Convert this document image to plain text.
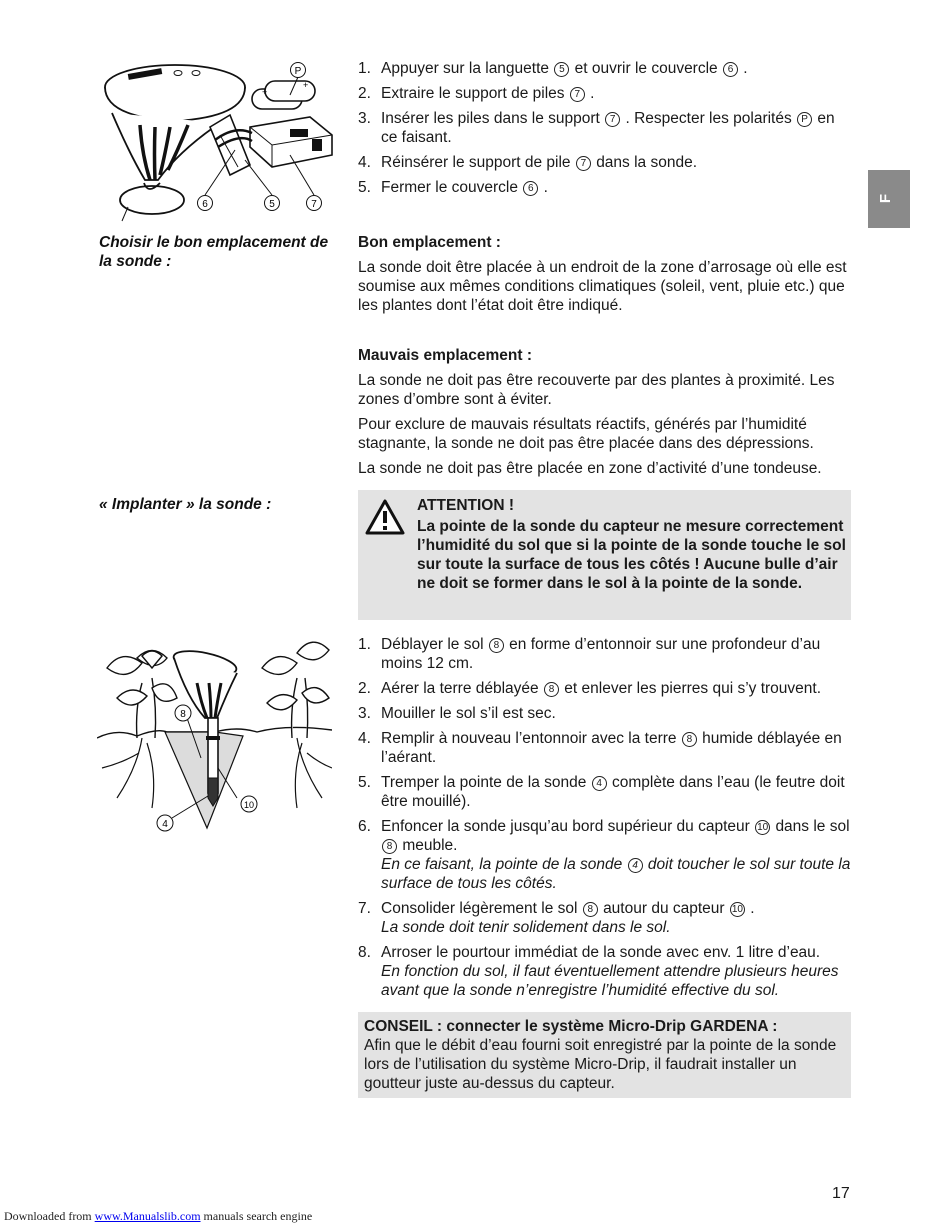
F
+
+
P
6	5	7
1. Appuyer sur la languette 5 et ouvrir le couvercle 6 .
2. Extraire le support de piles 7 .
3. Insérer les piles dans le support 7 . Respecter les polarités P en ce faisant.
4. Réinsérer le support de pile 7 dans la sonde.
5. Fermer le couvercle 6 .
Choisir le bon emplacement de la sonde :
Bon emplacement :

La sonde doit être placée à un endroit de la zone d’arrosage où elle est soumise aux mêmes conditions climatiques (soleil, vent, pluie etc.) que les plantes dont l’état doit être indiqué.

Mauvais emplacement :

La sonde ne doit pas être recouverte par des plantes à proximité. Les zones d’ombre sont à éviter.

Pour exclure de mauvais résultats réactifs, générés par l’humidité stagnante, la sonde ne doit pas être placée dans des dépressions.

La sonde ne doit pas être placée en zone d’activité d’une tondeuse.

« Implanter » la sonde :	ATTENTION !
La pointe de la sonde du capteur ne mesure correctement l’humidité du sol que si la pointe de la sonde touche le sol sur toute la surface de tous les côtés ! Aucune bulle d’air ne doit se former dans le sol à la pointe de la sonde.
8
10
4
1. Déblayer le sol 8 en forme d’entonnoir sur une profondeur d’au moins 12 cm.
2. Aérer la terre déblayée 8 et enlever les pierres qui s’y trouvent.
3. Mouiller le sol s’il est sec.
4. Remplir à nouveau l’entonnoir avec la terre 8 humide déblayée en l’aérant.
5. Tremper la pointe de la sonde 4 complète dans l’eau (le feutre doit être mouillé).
6. Enfoncer la sonde jusqu’au bord supérieur du capteur 10 dans le sol 8 meuble.
En ce faisant, la pointe de la sonde 4 doit toucher le sol sur toute la surface de tous les côtés.
7. Consolider légèrement le sol 8 autour du capteur 10 .
La sonde doit tenir solidement dans le sol.
8. Arroser le pourtour immédiat de la sonde avec env. 1 litre d’eau.
En fonction du sol, il faut éventuellement attendre plusieurs heures avant que la sonde n’enregistre l’humidité effective du sol.
CONSEIL : connecter le système Micro-Drip GARDENA :
Afin que le débit d’eau fourni soit enregistré par la pointe de la sonde lors de l’utilisation du système Micro-Drip, il faudrait installer un goutteur juste au-dessus du capteur.
17
Downloaded from www.Manualslib.com manuals search engine
